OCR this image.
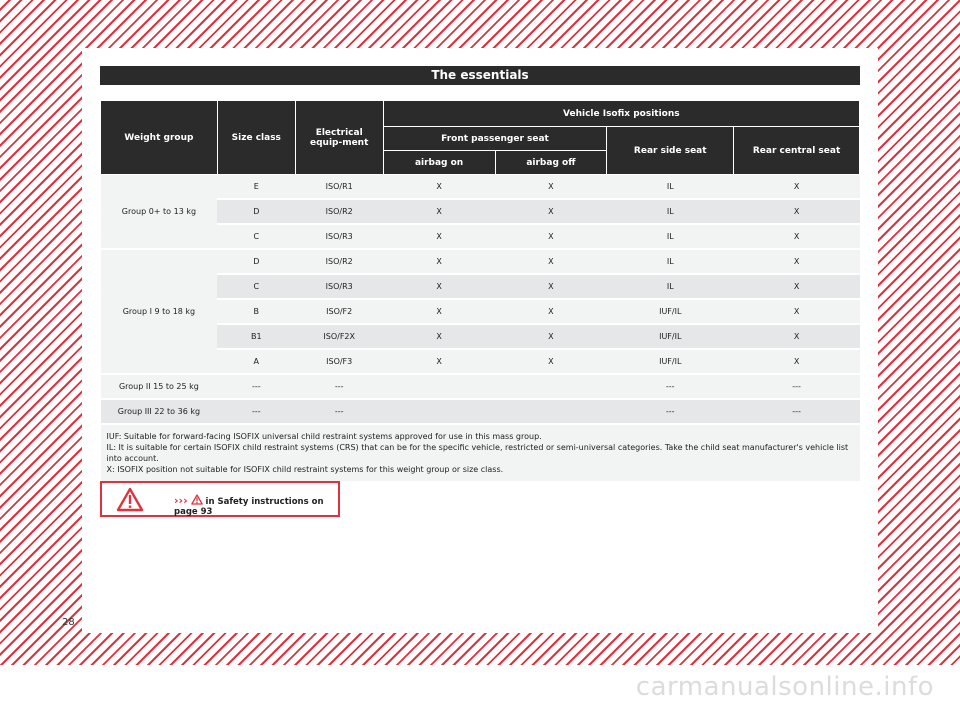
carmanualsonline.info
The essentials
Weight group	Size class	Electrical equip-ment	Vehicle Isofix positions			
			Front passenger seat		Rear side seat	Rear central seat
			airbag on	airbag off		
Group 0+ to 13 kg	E	ISO/R1	X	X	IL	X
	D	ISO/R2	X	X	IL	X
	C	ISO/R3	X	X	IL	X
Group I 9 to 18 kg	D	ISO/R2	X	X	IL	X
	C	ISO/R3	X	X	IL	X
	B	ISO/F2	X	X	IUF/IL	X
	B1	ISO/F2X	X	X	IUF/IL	X
	A	ISO/F3	X	X	IUF/IL	X
Group II 15 to 25 kg	---	---			---	---
Group III 22 to 36 kg	---	---			---	---

IUF: Suitable for forward-facing ISOFIX universal child restraint systems approved for use in this mass group.
IL: It is suitable for certain ISOFIX child restraint systems (CRS) that can be for the specific vehicle, restricted or semi-universal categories. Take the child seat manufacturer's vehicle list into account.
X: ISOFIX position not suitable for ISOFIX child restraint systems for this weight group or size class.						
›››  in Safety instructions on page 93
28
